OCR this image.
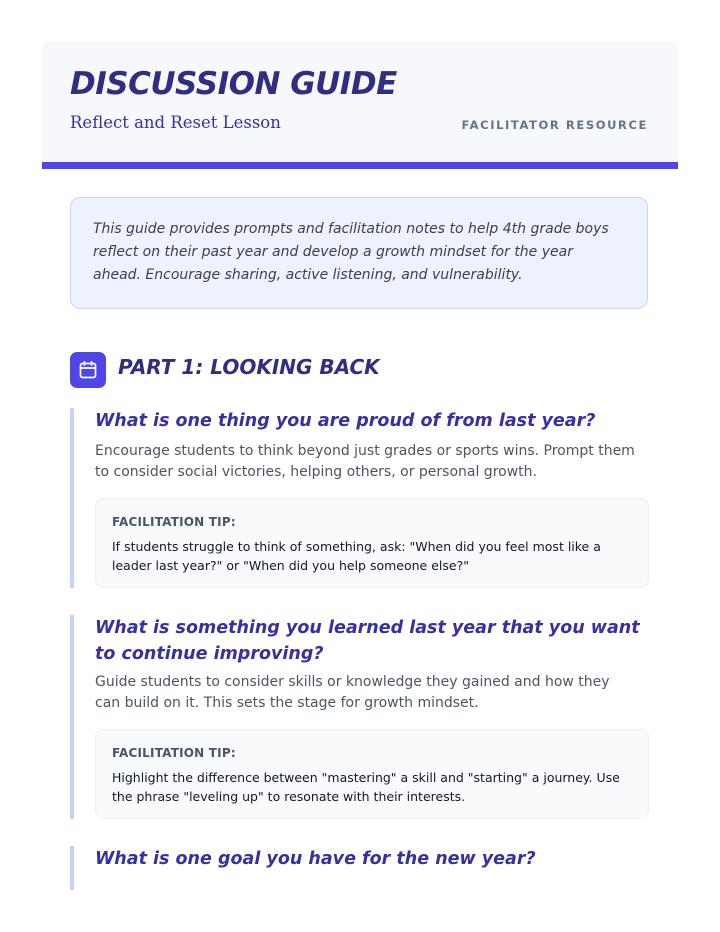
DISCUSSION GUIDE
Reflect and Reset Lesson	FACILITATOR RESOURCE

This guide provides prompts and facilitation notes to help 4th grade boys reflect on their past year and develop a growth mindset for the year ahead. Encourage sharing, active listening, and vulnerability.

PART 1: LOOKING BACK
What is one thing you are proud of from last year?

Encourage students to think beyond just grades or sports wins. Prompt them to consider social victories, helping others, or personal growth.

FACILITATION TIP:

If students struggle to think of something, ask: "When did you feel most like a leader last year?" or "When did you help someone else?"

What is something you learned last year that you want to continue improving?

Guide students to consider skills or knowledge they gained and how they can build on it. This sets the stage for growth mindset.

FACILITATION TIP:

Highlight the difference between "mastering" a skill and "starting" a journey. Use the phrase "leveling up" to resonate with their interests.

What is one goal you have for the new year?
